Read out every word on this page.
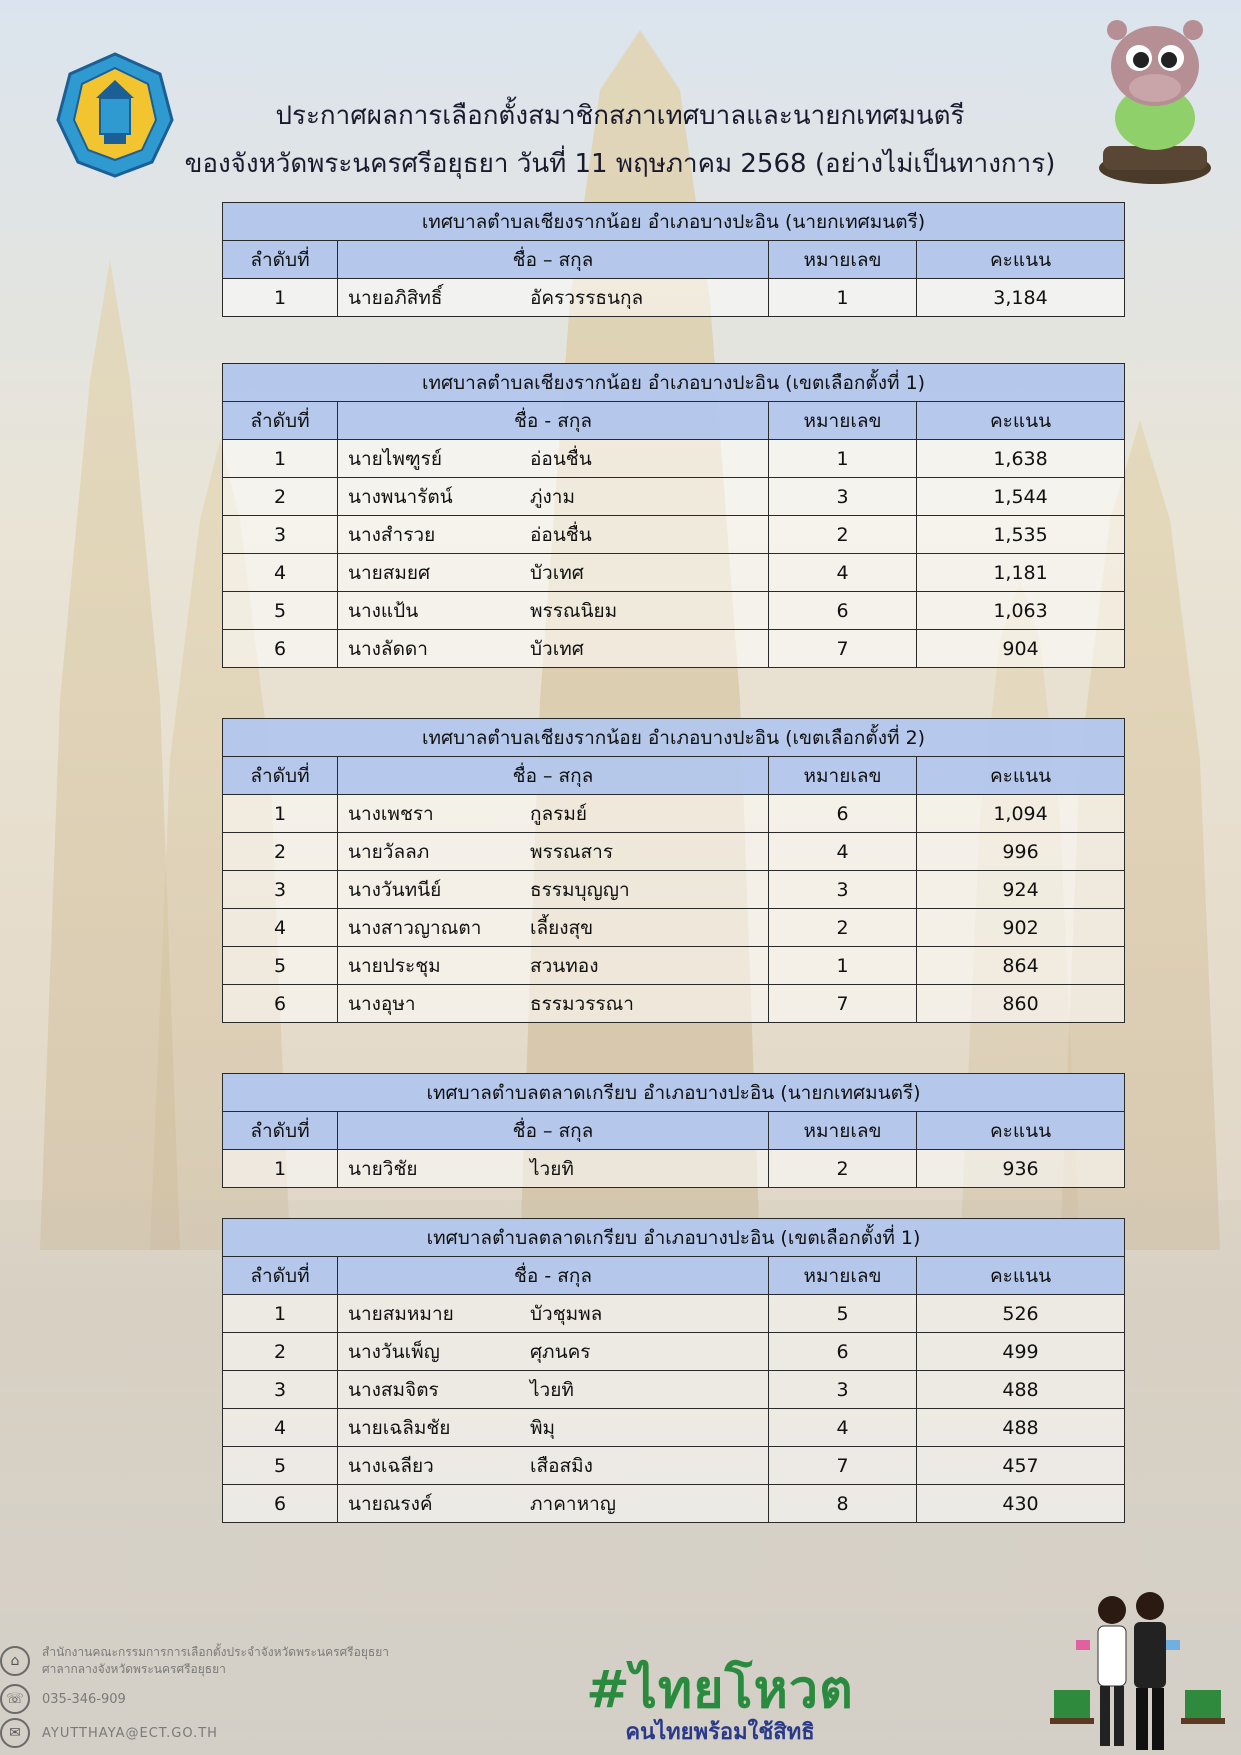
ประกาศผลการเลือกตั้งสมาชิกสภาเทศบาลและนายกเทศมนตรี
ของจังหวัดพระนครศรีอยุธยา วันที่ 11 พฤษภาคม 2568 (อย่างไม่เป็นทางการ)
เทศบาลตำบลเชียงรากน้อย อำเภอบางปะอิน (นายกเทศมนตรี)			
ลำดับที่	ชื่อ – สกุล	หมายเลข	คะแนน
1	นายอภิสิทธิ์ อัครวรรธนกุล	1	3,184
เทศบาลตำบลเชียงรากน้อย อำเภอบางปะอิน (เขตเลือกตั้งที่ 1)			
ลำดับที่	ชื่อ - สกุล	หมายเลข	คะแนน
1	นายไพฑูรย์ อ่อนชื่น	1	1,638
2	นางพนารัตน์ ภู่งาม	3	1,544
3	นางสำรวย อ่อนชื่น	2	1,535
4	นายสมยศ บัวเทศ	4	1,181
5	นางแป้น พรรณนิยม	6	1,063
6	นางลัดดา บัวเทศ	7	904
เทศบาลตำบลเชียงรากน้อย อำเภอบางปะอิน (เขตเลือกตั้งที่ 2)			
ลำดับที่	ชื่อ – สกุล	หมายเลข	คะแนน
1	นางเพชรา กูลรมย์	6	1,094
2	นายวัลลภ พรรณสาร	4	996
3	นางวันทนีย์ ธรรมบุญญา	3	924
4	นางสาวญาณตา เลี้ยงสุข	2	902
5	นายประชุม สวนทอง	1	864
6	นางอุษา ธรรมวรรณา	7	860
เทศบาลตำบลตลาดเกรียบ อำเภอบางปะอิน (นายกเทศมนตรี)			
ลำดับที่	ชื่อ – สกุล	หมายเลข	คะแนน
1	นายวิชัย ไวยทิ	2	936
เทศบาลตำบลตลาดเกรียบ อำเภอบางปะอิน (เขตเลือกตั้งที่ 1)			
ลำดับที่	ชื่อ - สกุล	หมายเลข	คะแนน
1	นายสมหมาย บัวชุมพล	5	526
2	นางวันเพ็ญ ศุภนคร	6	499
3	นางสมจิตร ไวยทิ	3	488
4	นายเฉลิมชัย พิมุ	4	488
5	นางเฉลียว เสือสมิง	7	457
6	นายณรงค์ ภาคาหาญ	8	430
⌂
สำนักงานคณะกรรมการการเลือกตั้งประจำจังหวัดพระนครศรีอยุธยา
ศาลากลางจังหวัดพระนครศรีอยุธยา
☏	035-346-909
✉	AYUTTHAYA@ECT.GO.TH
#ไทยโหวต
คนไทยพร้อมใช้สิทธิ
